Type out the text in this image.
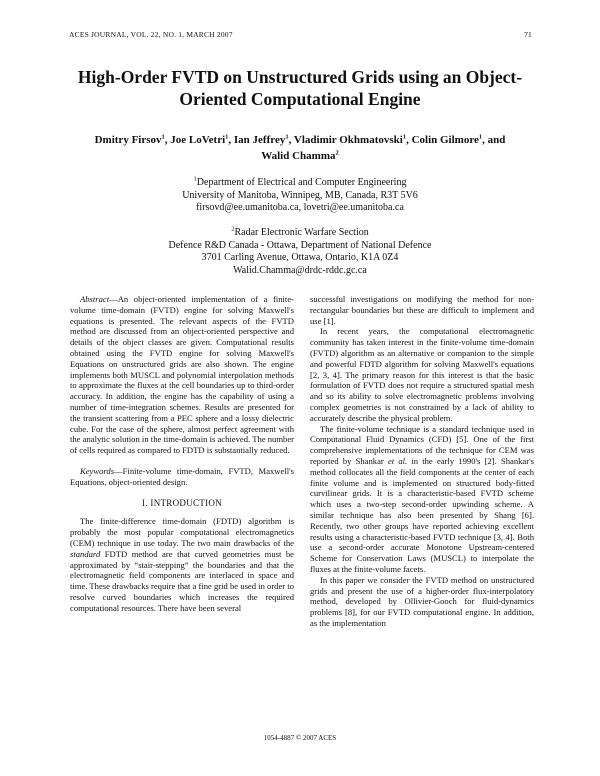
ACES JOURNAL, VOL. 22, NO. 1, MARCH 2007	71
High-Order FVTD on Unstructured Grids using an Object-
Oriented Computational Engine
Dmitry Firsov$^1$, Joe LoVetri$^1$, Ian Jeffrey$^1$, Vladimir Okhmatovski$^1$, Colin Gilmore$^1$, and
Walid Chamma$^2$
$^1$Department of Electrical and Computer Engineering
University of Manitoba, Winnipeg, MB, Canada, R3T 5V6
firsovd@ee.umanitoba.ca, lovetri@ee.umanitoba.ca
$^2$Radar Electronic Warfare Section
Defence R&D Canada - Ottawa, Department of National Defence
3701 Carling Avenue, Ottawa, Ontario, K1A 0Z4
Walid.Chamma@drdc-rddc.gc.ca

Abstract—An object-oriented implementation of a finite-volume time-domain (FVTD) engine for solving Maxwell's equations is presented. The relevant aspects of the FVTD method are discussed from an object-oriented perspective and details of the object classes are given. Computational results obtained using the FVTD engine for solving Maxwell's Equations on unstructured grids are also shown. The engine implements both MUSCL and polynomial interpolation methods to approximate the fluxes at the cell boundaries up to third-order accuracy. In addition, the engine has the capability of using a number of time-integration schemes. Results are presented for the transient scattering from a PEC sphere and a lossy dielectric cube. For the case of the sphere, almost perfect agreement with the analytic solution in the time-domain is achieved. The number of cells required as compared to FDTD is substantially reduced.

Keywords—Finite-volume time-domain, FVTD, Maxwell's Equations, object-oriented design.

I. INTRODUCTION

The finite-difference time-domain (FDTD) algorithm is probably the most popular computational electromagnetics (CEM) technique in use today. The two main drawbacks of the standard FDTD method are that curved geometries must be approximated by “stair-stepping” the boundaries and that the electromagnetic field components are interlaced in space and time. These drawbacks require that a fine grid be used in order to resolve curved boundaries which increases the required computational resources. There have been several

successful investigations on modifying the method for non-rectangular boundaries but these are difficult to implement and use [1].

In recent years, the computational electromagnetic community has taken interest in the finite-volume time-domain (FVTD) algorithm as an alternative or companion to the simple and powerful FDTD algorithm for solving Maxwell's equations [2, 3, 4]. The primary reason for this interest is that the basic formulation of FVTD does not require a structured spatial mesh and so its ability to solve electromagnetic problems involving complex geometries is not constrained by a lack of ability to accurately describe the physical problem.

The finite-volume technique is a standard technique used in Computational Fluid Dynamics (CFD) [5]. One of the first comprehensive implementations of the technique for CEM was reported by Shankar et al. in the early 1990's [2]. Shankar's method collocates all the field components at the center of each finite volume and is implemented on structured body-fitted curvilinear grids. It is a characteristic-based FVTD scheme which uses a two-step second-order upwinding scheme. A similar technique has also been presented by Shang [6]. Recently, two other groups have reported achieving excellent results using a characteristic-based FVTD technique [3, 4]. Both use a second-order accurate Monotone Upstream-centered Scheme for Conservation Laws (MUSCL) to interpolate the fluxes at the finite-volume facets.

In this paper we consider the FVTD method on unstructured grids and present the use of a higher-order flux-interpolatory method, developed by Ollivier-Gooch for fluid-dynamics problems [8], for our FVTD computational engine. In addition, as the implementation

1054-4887 © 2007 ACES
